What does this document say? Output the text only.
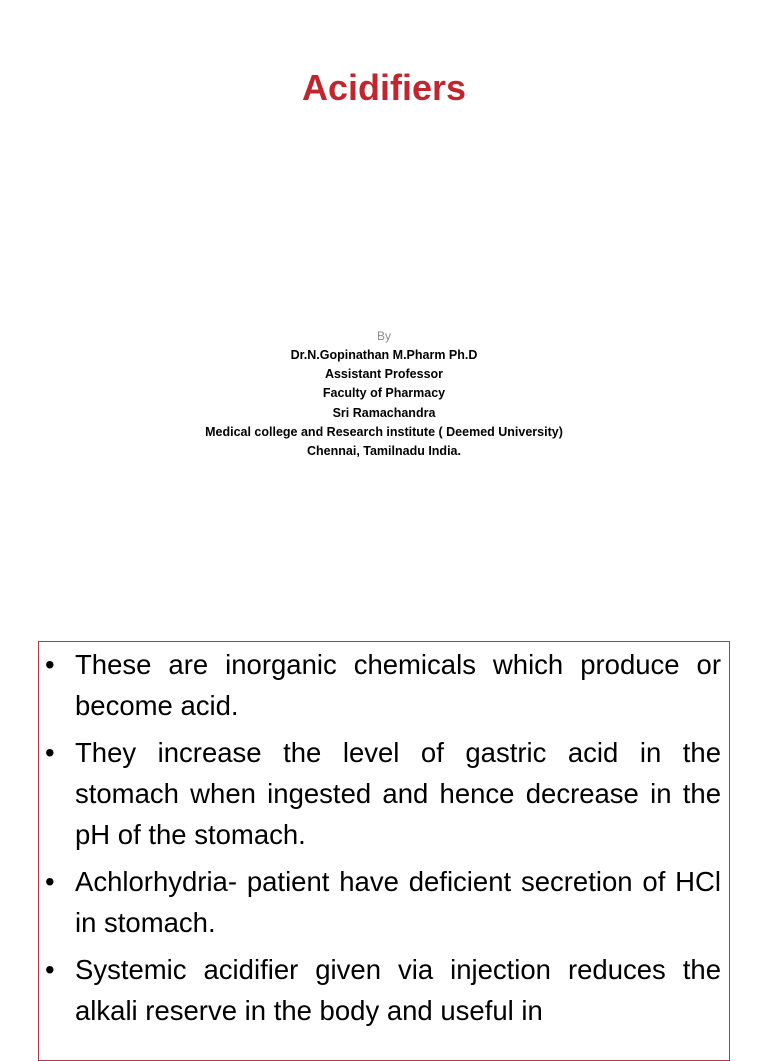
Acidifiers
By
Dr.N.Gopinathan M.Pharm Ph.D
Assistant Professor
Faculty of Pharmacy
Sri Ramachandra
Medical college and Research institute ( Deemed University)
Chennai, Tamilnadu India.
• These are inorganic chemicals which produce or become acid.
• They increase the level of gastric acid in the stomach when ingested and hence decrease in the pH of the stomach.
• Achlorhydria- patient have deficient secretion of HCl in stomach.
• Systemic acidifier given via injection reduces the alkali reserve in the body and useful in
